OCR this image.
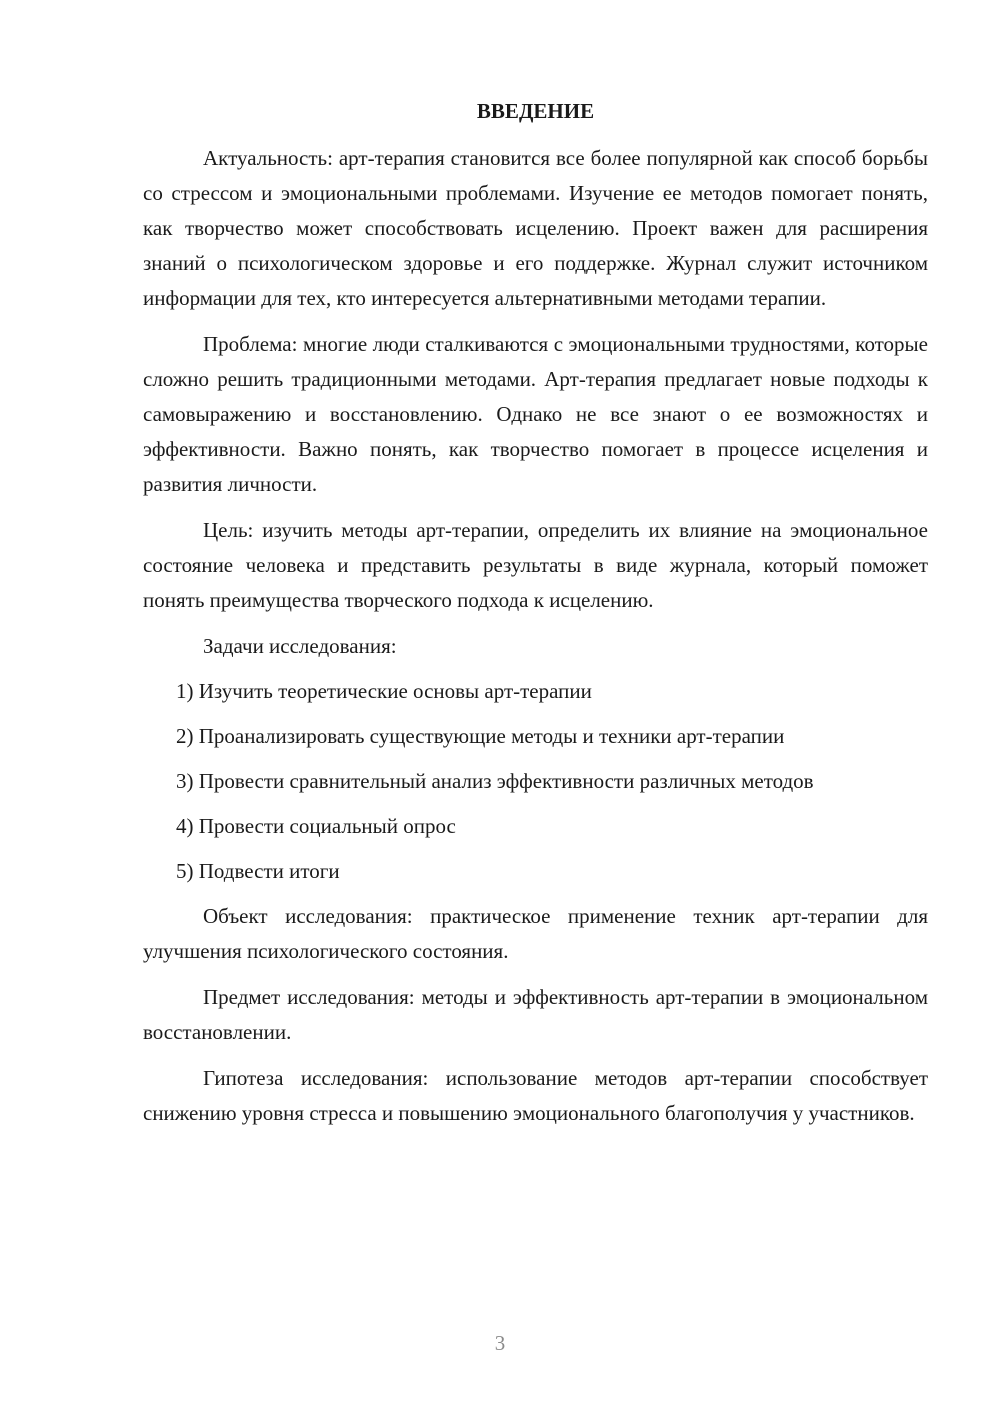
ВВЕДЕНИЕ

Актуальность: арт-терапия становится все более популярной как способ борьбы со стрессом и эмоциональными проблемами. Изучение ее методов помогает понять, как творчество может способствовать исцелению. Проект важен для расширения знаний о психологическом здоровье и его поддержке. Журнал служит источником информации для тех, кто интересуется альтернативными методами терапии.

Проблема: многие люди сталкиваются с эмоциональными трудностями, которые сложно решить традиционными методами. Арт-терапия предлагает новые подходы к самовыражению и восстановлению. Однако не все знают о ее возможностях и эффективности. Важно понять, как творчество помогает в процессе исцеления и развития личности.

Цель: изучить методы арт-терапии, определить их влияние на эмоциональное состояние человека и представить результаты в виде журнала, который поможет понять преимущества творческого подхода к исцелению.

Задачи исследования:

1) Изучить теоретические основы арт-терапии
2) Проанализировать существующие методы и техники арт-терапии
3) Провести сравнительный анализ эффективности различных методов
4) Провести социальный опрос
5) Подвести итоги

Объект исследования: практическое применение техник арт-терапии для улучшения психологического состояния.

Предмет исследования: методы и эффективность арт-терапии в эмоциональном восстановлении.

Гипотеза исследования: использование методов арт-терапии способствует снижению уровня стресса и повышению эмоционального благополучия у участников.

3
